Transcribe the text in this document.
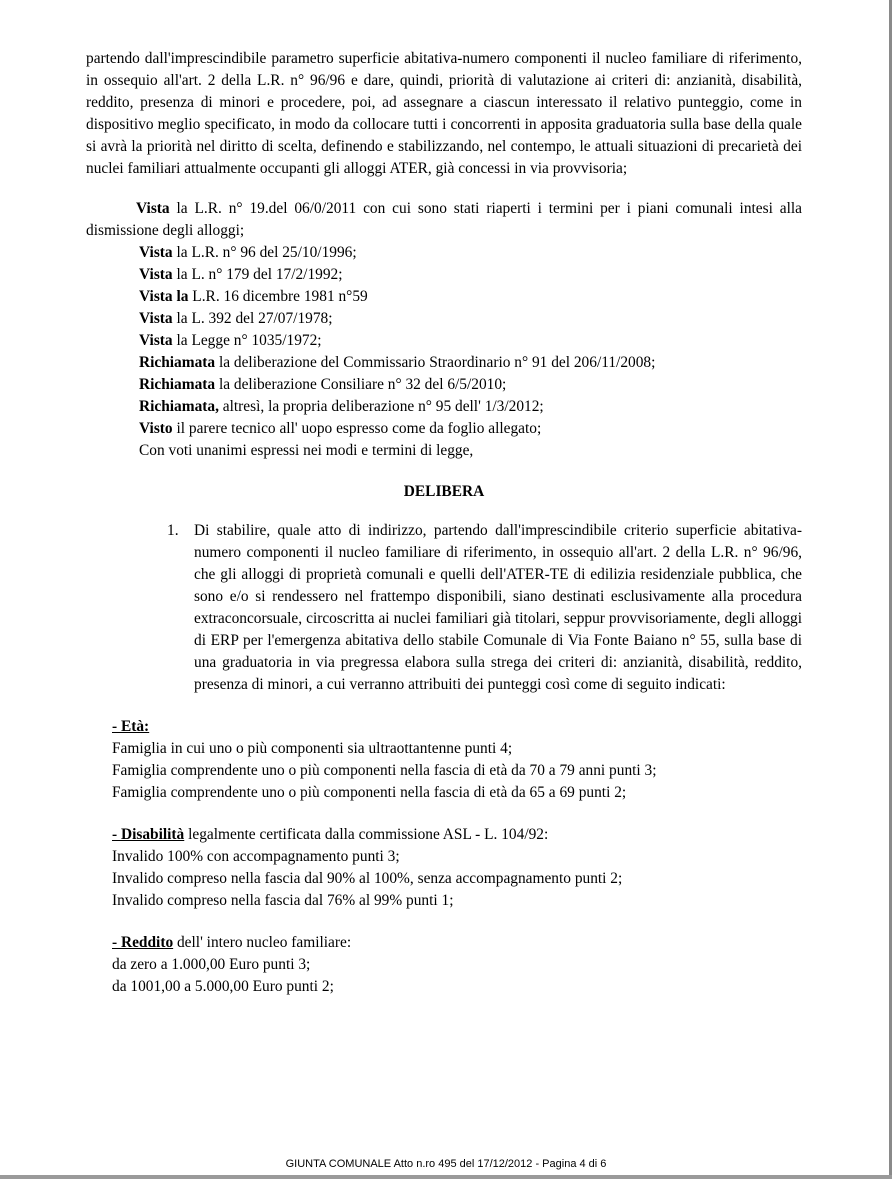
partendo dall'imprescindibile parametro superficie abitativa-numero componenti il nucleo familiare di riferimento, in ossequio all'art. 2 della L.R. n° 96/96 e dare, quindi, priorità di valutazione ai criteri di: anzianità, disabilità, reddito, presenza di minori e procedere, poi, ad assegnare a ciascun interessato il relativo punteggio, come in dispositivo meglio specificato, in modo da collocare tutti i concorrenti in apposita graduatoria sulla base della quale si avrà la priorità nel diritto di scelta, definendo e stabilizzando, nel contempo, le attuali situazioni di precarietà dei nuclei familiari attualmente occupanti gli alloggi ATER, già concessi in via provvisoria;

Vista la L.R. n° 19.del 06/0/2011 con cui sono stati riaperti i termini per i piani comunali intesi alla dismissione degli alloggi;

Vista la L.R. n° 96 del 25/10/1996;
Vista la L. n° 179 del 17/2/1992;
Vista la L.R. 16 dicembre 1981 n°59
Vista la L. 392 del 27/07/1978;
Vista la Legge n° 1035/1972;
Richiamata la deliberazione del Commissario Straordinario n° 91 del 206/11/2008;
Richiamata la deliberazione Consiliare n° 32 del 6/5/2010;
Richiamata, altresì, la propria deliberazione n° 95 dell' 1/3/2012;
Visto il parere tecnico all' uopo espresso come da foglio allegato;
Con voti unanimi espressi nei modi e termini di legge,
DELIBERA
1. Di stabilire, quale atto di indirizzo, partendo dall'imprescindibile criterio superficie abitativa-numero componenti il nucleo familiare di riferimento, in ossequio all'art. 2 della L.R. n° 96/96, che gli alloggi di proprietà comunali e quelli dell'ATER-TE di edilizia residenziale pubblica, che sono e/o si rendessero nel frattempo disponibili, siano destinati esclusivamente alla procedura extraconcorsuale, circoscritta ai nuclei familiari già titolari, seppur provvisoriamente, degli alloggi di ERP per l'emergenza abitativa dello stabile Comunale di Via Fonte Baiano n° 55, sulla base di una graduatoria in via pregressa elabora sulla strega dei criteri di: anzianità, disabilità, reddito, presenza di minori, a cui verranno attribuiti dei punteggi così come di seguito indicati:

- Età:

Famiglia in cui uno o più componenti sia ultraottantenne punti 4;

Famiglia comprendente uno o più componenti nella fascia di età da 70 a 79 anni punti 3;

Famiglia comprendente uno o più componenti nella fascia di età da 65 a 69 punti 2;

- Disabilità legalmente certificata dalla commissione ASL - L. 104/92:

Invalido 100% con accompagnamento punti 3;

Invalido compreso nella fascia dal 90% al 100%, senza accompagnamento punti 2;

Invalido compreso nella fascia dal 76% al 99% punti 1;

- Reddito dell' intero nucleo familiare:

da zero a 1.000,00 Euro punti 3;

da 1001,00 a 5.000,00 Euro punti 2;

GIUNTA COMUNALE Atto n.ro 495 del 17/12/2012 - Pagina 4 di 6
